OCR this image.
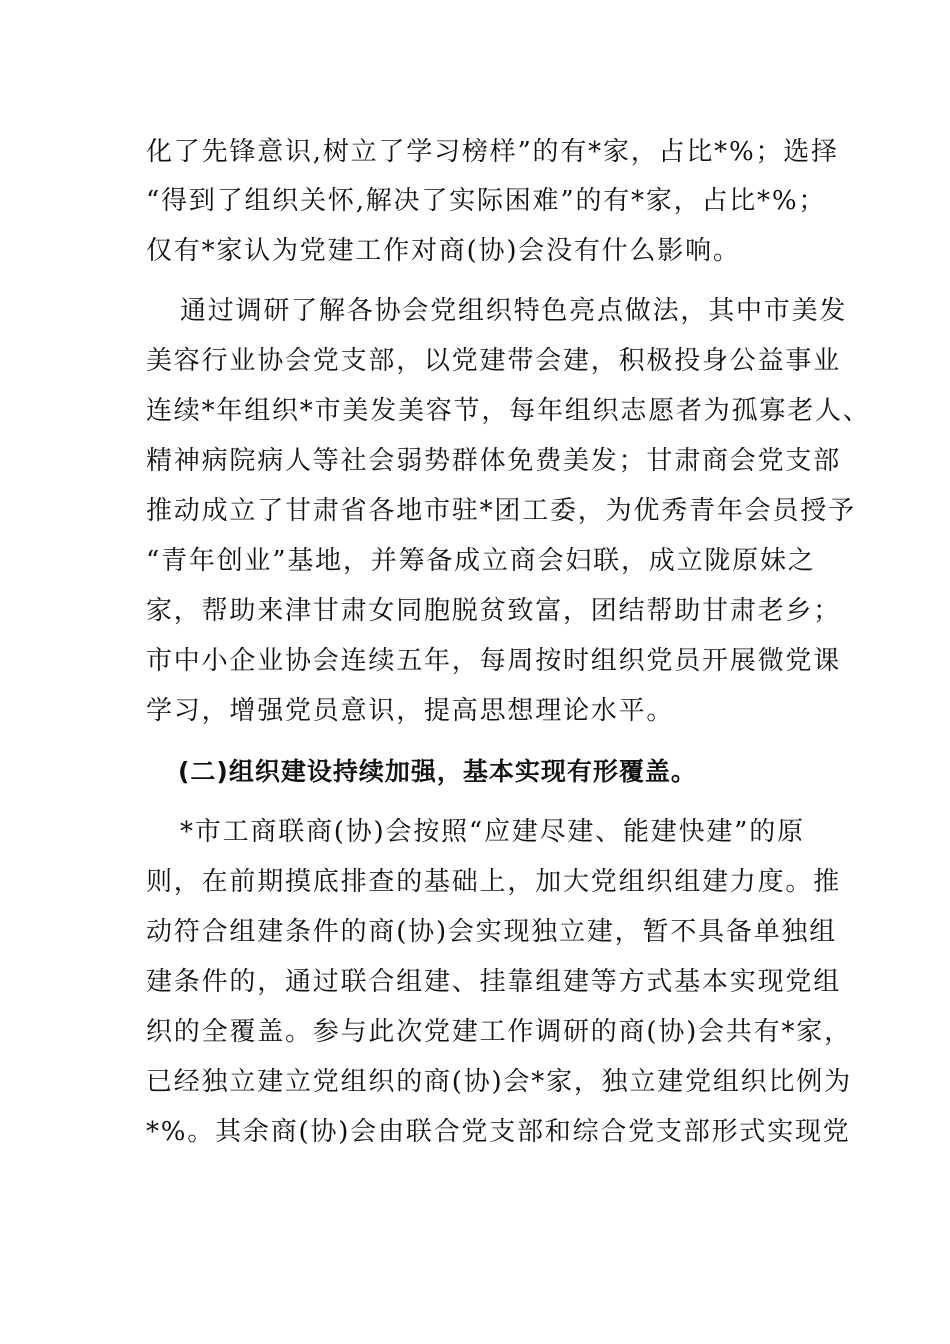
化了先锋意识,树立了学习榜样”的有*家，占比*%；选择
“得到了组织关怀,解决了实际困难”的有*家，占比*%；
仅有*家认为党建工作对商(协)会没有什么影响。
通过调研了解各协会党组织特色亮点做法，其中市美发
美容行业协会党支部，以党建带会建，积极投身公益事业
连续*年组织*市美发美容节，每年组织志愿者为孤寡老人、
精神病院病人等社会弱势群体免费美发；甘肃商会党支部
推动成立了甘肃省各地市驻*团工委，为优秀青年会员授予
“青年创业”基地，并筹备成立商会妇联，成立陇原妹之
家，帮助来津甘肃女同胞脱贫致富，团结帮助甘肃老乡；
市中小企业协会连续五年，每周按时组织党员开展微党课
学习，增强党员意识，提高思想理论水平。
(二)组织建设持续加强，基本实现有形覆盖。
*市工商联商(协)会按照“应建尽建、能建快建”的原
则，在前期摸底排查的基础上，加大党组织组建力度。推
动符合组建条件的商(协)会实现独立建，暂不具备单独组
建条件的，通过联合组建、挂靠组建等方式基本实现党组
织的全覆盖。参与此次党建工作调研的商(协)会共有*家，
已经独立建立党组织的商(协)会*家，独立建党组织比例为
*%。其余商(协)会由联合党支部和综合党支部形式实现党
